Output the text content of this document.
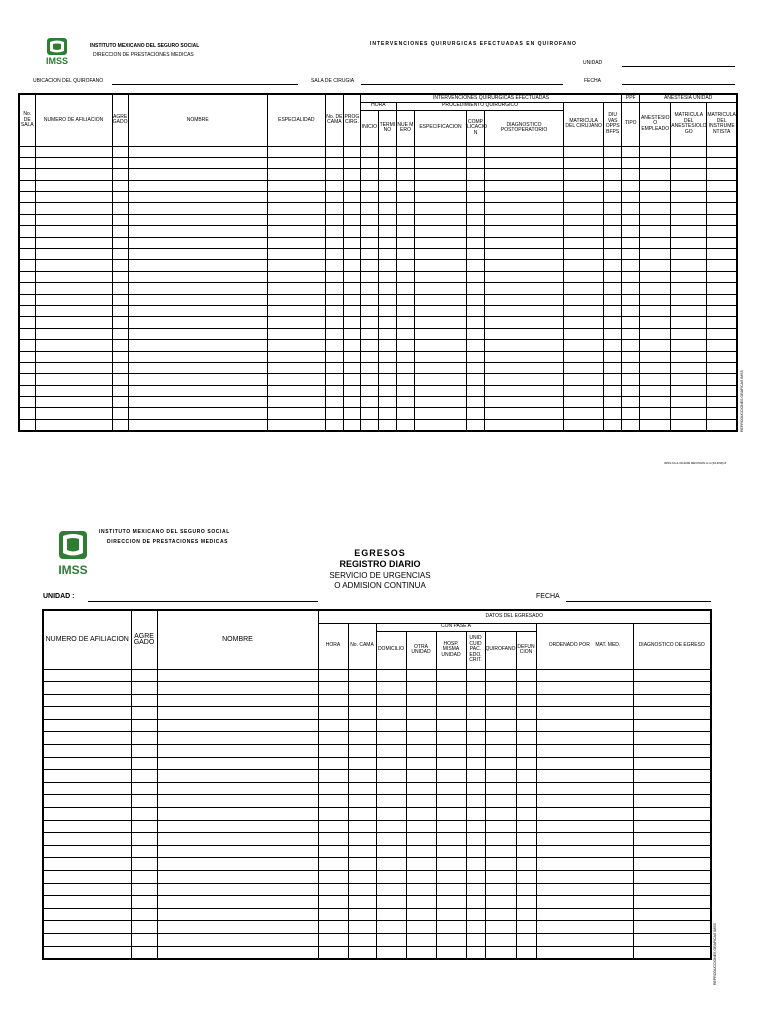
IMSS
INSTITUTO MEXICANO DEL SEGURO SOCIAL
DIRECCION DE PRESTACIONES MEDICAS
INTERVENCIONES QUIRURGICAS EFECTUADAS EN QUIROFANO
UNIDAD
UBICACION DEL QUIROFANO	SALA DE CIRUGIA	FECHA
No. DE SALA	NUMERO DE AFILIACION	AGRE GADO	NOMBRE	ESPECIALIDAD	No. DE CAMA	PROG CIRG.	INTERVENCIONES QUIRURGICAS EFECTUADAS								PPF	ANESTESIA UNIDAD		
							HORA		PROCEDIMIENTO QUIRURGICO				MATRICULA DEL CIRUJANO	DIU VAS OPPS BFPS	TIPO	ANESTESIO O EMPLEADO	MATRICULA DEL ANESTESIOLO GO	MATRICULA DEL INSTRUME NTISTA
							INICIO	TERMI NO	NUE M ERO	ESPECIFICACION	COMP LICACIO N	DIAGNOSTICO POSTOPERATORIO						

REPRODUCCIONES GRAFICAS IMSS
IMSS 04-4-30-2000 REVISION A-4 (3/14/99) 8
IMSS
INSTITUTO MEXICANO DEL SEGURO SOCIAL
DIRECCION DE PRESTACIONES MEDICAS
EGRESOS
REGISTRO DIARIO
SERVICIO DE URGENCIAS
O ADMISION CONTINUA
UNIDAD :	FECHA
NUMERO DE AFILIACION	AGRE GADO	NOMBRE	DATOS DEL EGRESADO									
			HORA	No. CAMA	CON PASE A						ORDENADO POR MAT. MED.	DIAGNOSTICO DE EGRESO
					DOMICILIO	OTRA UNIDAD	HOSP. MISMA UNIDAD	UNID CUID PAC. EDO. CRIT.	QUIROFANO	DEFUN CION		

REPRODUCCIONES GRAFICAS IMSS
